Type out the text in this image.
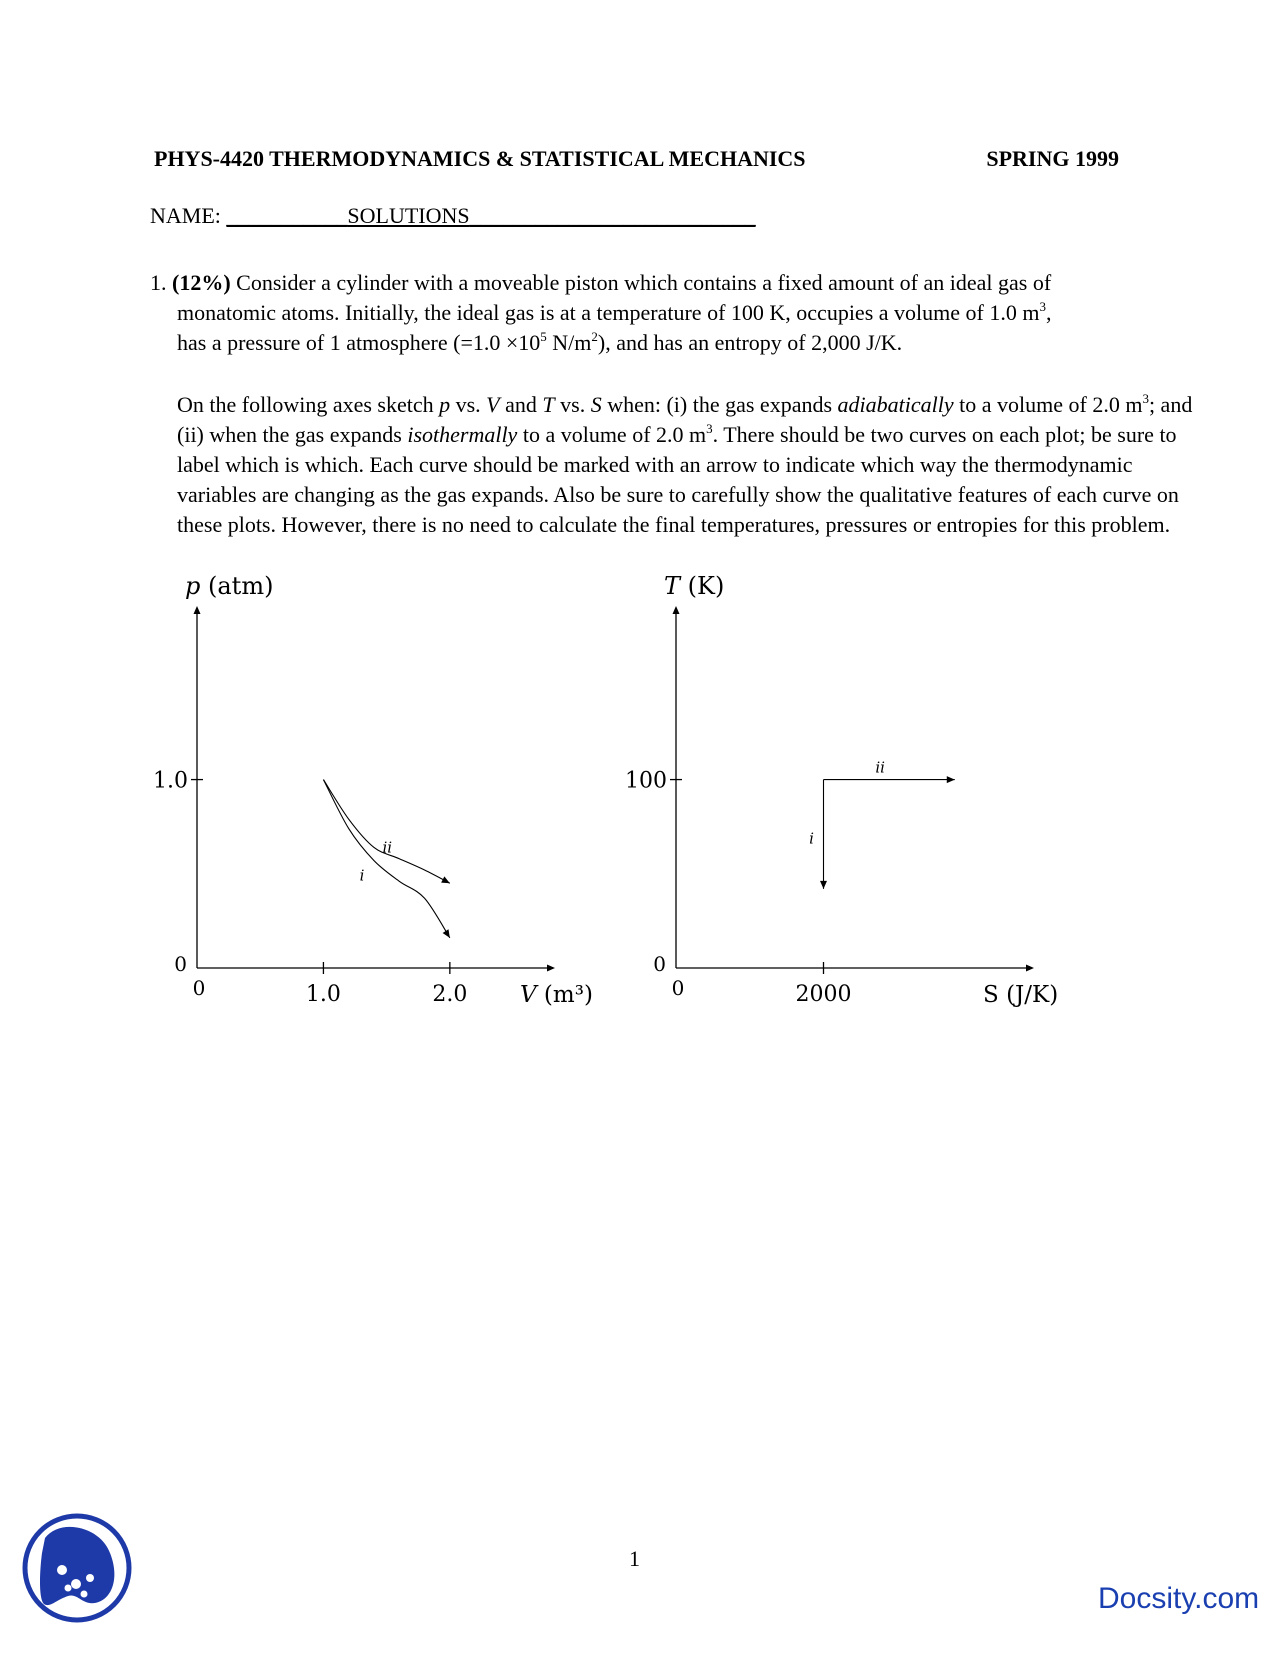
PHYS-4420 THERMODYNAMICS & STATISTICAL MECHANICS	SPRING 1999
NAME: ___________SOLUTIONS__________________________
1. (12%) Consider a cylinder with a moveable piston which contains a fixed amount of an ideal gas of
monatomic atoms. Initially, the ideal gas is at a temperature of 100 K, occupies a volume of 1.0 $m^3$,
has a pressure of 1 atmosphere ($=1.0 \times 10^5$ $N/m^2$), and has an entropy of 2,000 J/K.
On the following axes sketch p vs. V and T vs. S when: (i) the gas expands adiabatically to a volume of 2.0 $m^3$; and (ii) when the gas expands isothermally to a volume of 2.0 $m^3$. There should be two curves on each plot; be sure to label which is which. Each curve should be marked with an arrow to indicate which way the thermodynamic variables are changing as the gas expands. Also be sure to carefully show the qualitative features of each curve on these plots. However, there is no need to calculate the final temperatures, pressures or entropies for this problem.
0
0	1.0	2.0
1.0
p (atm)
V (m³)
i
ii
0
0	2000
100
T (K)
S (J/K)
i
ii
1
Docsity.com
